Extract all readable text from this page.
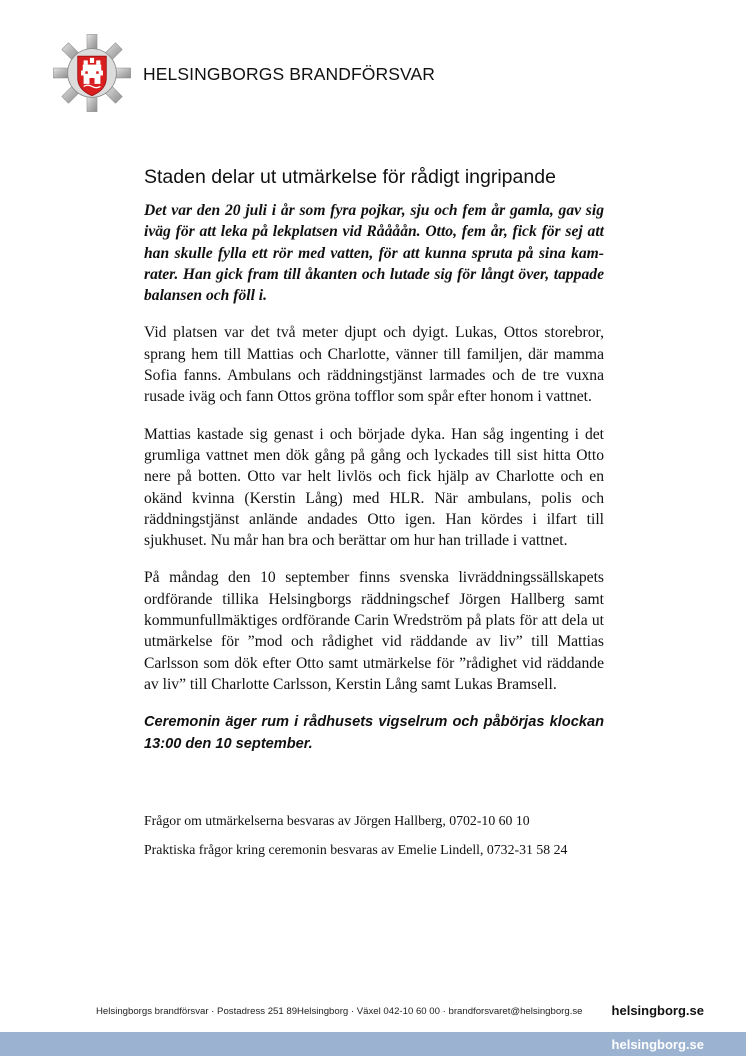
HELSINGBORGS BRANDFÖRSVAR
Staden delar ut utmärkelse för rådigt ingripande

Det var den 20 juli i år som fyra pojkar, sju och fem år gamla, gav sig iväg för att leka på lekplatsen vid Råååån. Otto, fem år, fick för sej att han skulle fylla ett rör med vatten, för att kunna spruta på sina kamrater. Han gick fram till åkanten och lutade sig för långt över, tappade balansen och föll i.

Vid platsen var det två meter djupt och dyigt. Lukas, Ottos storebror, sprang hem till Mattias och Charlotte, vänner till familjen, där mamma Sofia fanns. Ambulans och räddningstjänst larmades och de tre vuxna rusade iväg och fann Ottos gröna tofflor som spår efter honom i vattnet.

Mattias kastade sig genast i och började dyka. Han såg ingenting i det grumliga vattnet men dök gång på gång och lyckades till sist hitta Otto nere på botten. Otto var helt livlös och fick hjälp av Charlotte och en okänd kvinna (Kerstin Lång) med HLR. När ambulans, polis och räddningstjänst anlände andades Otto igen. Han kördes i ilfart till sjukhuset. Nu mår han bra och berättar om hur han trillade i vattnet.

På måndag den 10 september finns svenska livräddningssällskapets ordförande tillika Helsingborgs räddningschef Jörgen Hallberg samt kommunfullmäktiges ordförande Carin Wredström på plats för att dela ut utmärkelse för ”mod och rådighet vid räddande av liv” till Mattias Carlsson som dök efter Otto samt utmärkelse för ”rådighet vid räddande av liv” till Charlotte Carlsson, Kerstin Lång samt Lukas Bramsell.

Ceremonin äger rum i rådhusets vigselrum och påbörjas klockan 13:00 den 10 september.

Frågor om utmärkelserna besvaras av Jörgen Hallberg, 0702-10 60 10

Praktiska frågor kring ceremonin besvaras av Emelie Lindell, 0732-31 58 24

Helsingborgs brandförsvar · Postadress 251 89Helsingborg · Växel 042-10 60 00 · brandforsvaret@helsingborg.se helsingborg.se
helsingborg.se
